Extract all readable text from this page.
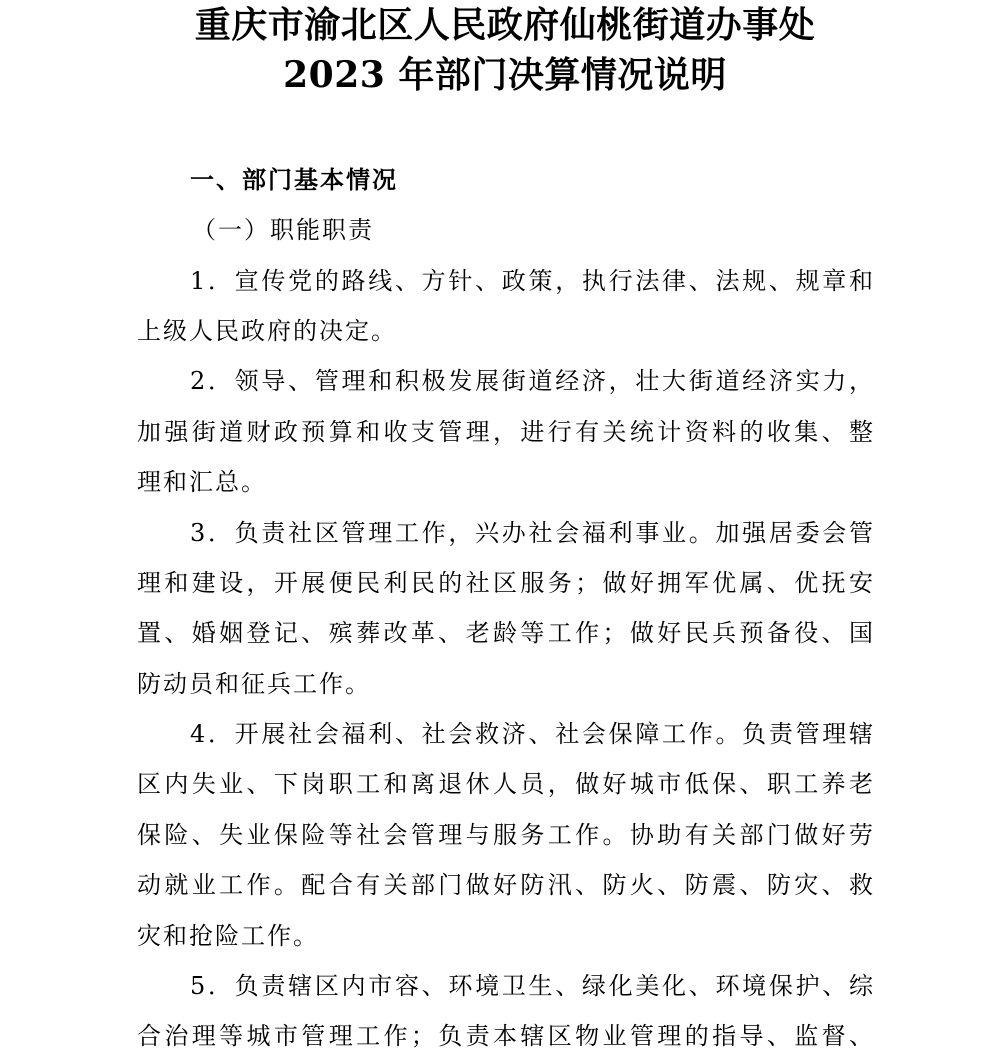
重庆市渝北区人民政府仙桃街道办事处
2023 年部门决算情况说明
一、部门基本情况
（一）职能职责
1．宣传党的路线、方针、政策，执行法律、法规、规章和
上级人民政府的决定。
2．领导、管理和积极发展街道经济，壮大街道经济实力，
加强街道财政预算和收支管理，进行有关统计资料的收集、整
理和汇总。
3．负责社区管理工作，兴办社会福利事业。加强居委会管
理和建设，开展便民利民的社区服务；做好拥军优属、优抚安
置、婚姻登记、殡葬改革、老龄等工作；做好民兵预备役、国
防动员和征兵工作。
4．开展社会福利、社会救济、社会保障工作。负责管理辖
区内失业、下岗职工和离退休人员，做好城市低保、职工养老
保险、失业保险等社会管理与服务工作。协助有关部门做好劳
动就业工作。配合有关部门做好防汛、防火、防震、防灾、救
灾和抢险工作。
5．负责辖区内市容、环境卫生、绿化美化、环境保护、综
合治理等城市管理工作；负责本辖区物业管理的指导、监督、
